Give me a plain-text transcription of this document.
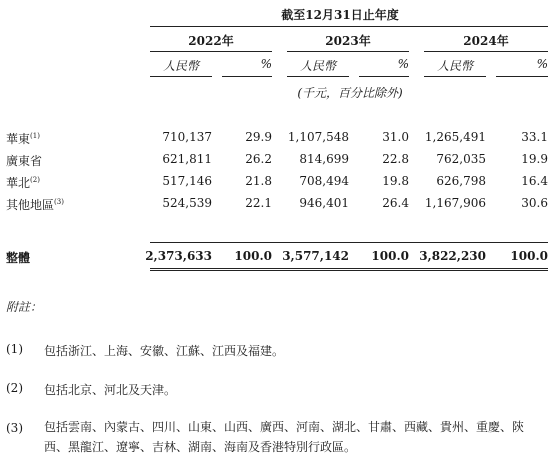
截至12月31日止年度
2022年	2023年	2024年
人民幣	%	人民幣	%	人民幣	%
(千元，百分比除外)
華東$^{(1)}$	710,137	29.9	1,107,548	31.0	1,265,491	33.1
廣東省	621,811	26.2	814,699	22.8	762,035	19.9
華北$^{(2)}$	517,146	21.8	708,494	19.8	626,798	16.4
其他地區$^{(3)}$	524,539	22.1	946,401	26.4	1,167,906	30.6
整體	2,373,633	100.0 3,577,142	100.0 3,822,230	100.0
附註：
(1) 包括浙江、上海、安徽、江蘇、江西及福建。
(2) 包括北京、河北及天津。
(3) 包括雲南、內蒙古、四川、山東、山西、廣西、河南、湖北、甘肅、西藏、貴州、重慶、陝西、黑龍江、遼寧、吉林、湖南、海南及香港特別行政區。
